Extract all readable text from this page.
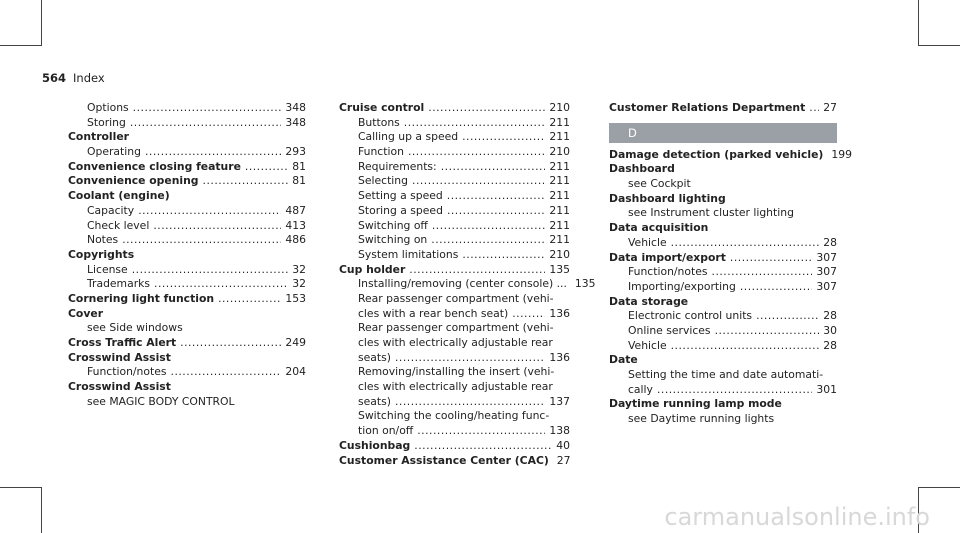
564 Index
Options .....	348
Storing .....	348
Controller
Operating .....	293
Convenience closing feature .....	81
Convenience opening .....	81
Coolant (engine)
Capacity .....	487
Check level .....	413
Notes .....	486
Copyrights
License .....	32
Trademarks .....	32
Cornering light function .....	153
Cover
see Side windows
Cross Traffic Alert .....	249
Crosswind Assist
Function/notes .....	204
Crosswind Assist
see MAGIC BODY CONTROL
Cruise control .....	210
Buttons .....	211
Calling up a speed .....	211
Function .....	210
Requirements: .....	211
Selecting .....	211
Setting a speed .....	211
Storing a speed .....	211
Switching off .....	211
Switching on .....	211
System limitations .....	210
Cup holder .....	135
Installing/removing (center console) ... 135
Rear passenger compartment (vehi-
cles with a rear bench seat) .....	136
Rear passenger compartment (vehi-
cles with electrically adjustable rear
seats) .....	136
Removing/installing the insert (vehi-
cles with electrically adjustable rear
seats) .....	137
Switching the cooling/heating func-
tion on/off .....	138
Cushionbag .....	40
Customer Assistance Center (CAC) 27
Customer Relations Department ..... 27
D
Damage detection (parked vehicle) 199
Dashboard
see Cockpit
Dashboard lighting
see Instrument cluster lighting
Data acquisition
Vehicle .....	28
Data import/export .....	307
Function/notes .....	307
Importing/exporting .....	307
Data storage
Electronic control units .....	28
Online services .....	30
Vehicle .....	28
Date
Setting the time and date automati-
cally .....	301
Daytime running lamp mode
see Daytime running lights
carmanualsonline.info
